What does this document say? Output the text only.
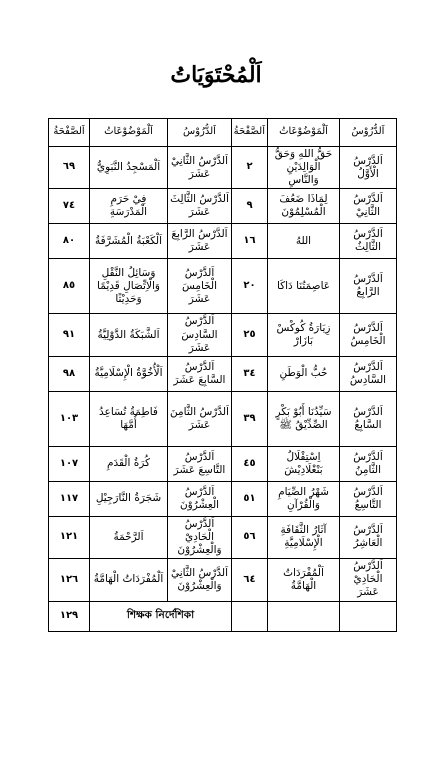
اَلْمُحْتَوَيَاتُ
اَلدُّرُوْسُ	اَلْمَوْضُوْعَاتُ	اَلصَّفْحَةُ	اَلدُّرُوْسُ	اَلْمَوْضُوْعَاتُ	اَلصَّفْحَةُ
اَلدَّرْسُ الْأَوَّلُ	حَقُّ اللهِ وَحَقُّ الْوَالِدَيْنِ وَالنَّاسِ	٢	اَلدَّرْسُ الثَّانِيْ عَشَرَ	اَلْمَسْجِدُ النَّبَوِيُّ	٦٩
اَلدَّرْسُ الثَّانِيْ	لِمَاذَا ضَعُفَ الْمُسْلِمُوْنَ	٩	اَلدَّرْسُ الثَّالِثَ عَشَرَ	فِيْ حَرَمِ الْمَدْرَسَةِ	٧٤
اَلدَّرْسُ الثَّالِثُ	اللهُ	١٦	اَلدَّرْسُ الرَّابِعَ عَشَرَ	اَلْكَعْبَةُ الْمُشَرَّفَةُ	٨٠
اَلدَّرْسُ الرَّابِعُ	عَاصِمَتُنَا دَاكَا	٢٠	اَلدَّرْسُ الْخَامِسَ عَشَرَ	وَسَائِلُ النَّقْلِ وَالْاِتِّصَالِ قَدِيْمًا وَحَدِيْثًا	٨٥
اَلدَّرْسُ الْخَامِسُ	زِيَارَةُ كُوكْسْ بَازَارْ	٢٥	اَلدَّرْسُ السَّادِسَ عَشَرَ	اَلشَّبَكَةُ الدَّوْلِيَّةُ	٩١
اَلدَّرْسُ السَّادِسُ	حُبُّ الْوَطَنِ	٣٤	اَلدَّرْسُ السَّابِعَ عَشَرَ	اَلْأُخُوَّةُ الْإِسْلَامِيَّةُ	٩٨
اَلدَّرْسُ السَّابِعُ	سَيِّدُنَا أَبُوْ بَكْرٍ الصِّدِّيْقُ ﷺ	٣٩	اَلدَّرْسُ الثَّامِنَ عَشَرَ	فَاطِمَةُ تُسَاعِدُ أُمَّهَا	١٠٣
اَلدَّرْسُ الثَّامِنُ	اِسْتِقْلَالُ بَنْغْلَادِيْشَ	٤٥	اَلدَّرْسُ التَّاسِعَ عَشَرَ	كُرَةُ الْقَدَمِ	١٠٧
اَلدَّرْسُ التَّاسِعُ	شَهْرُ الصِّيَامِ وَالْقُرْآنِ	٥١	اَلدَّرْسُ الْعِشْرُوْنَ	شَجَرَةُ النَّارَجِيْلِ	١١٧
اَلدَّرْسُ الْعَاشِرُ	آثَارُ الثَّقَافَةِ الْإِسْلَامِيَّةِ	٥٦	اَلدَّرْسُ الْحَادِيْ وَالْعِشْرُوْنَ	اَلرَّحْمَةُ	١٢١
اَلدَّرْسُ الْحَادِيْ عَشَرَ	اَلْمُفْرَدَاتُ الْهَامَّةُ	٦٤	اَلدَّرْسُ الثَّانِيْ وَالْعِشْرُوْنَ	اَلْمُفْرَدَاتُ الْهَامَّةُ	١٢٦
			শিক্ষক নির্দেশিকা		١٢٩
